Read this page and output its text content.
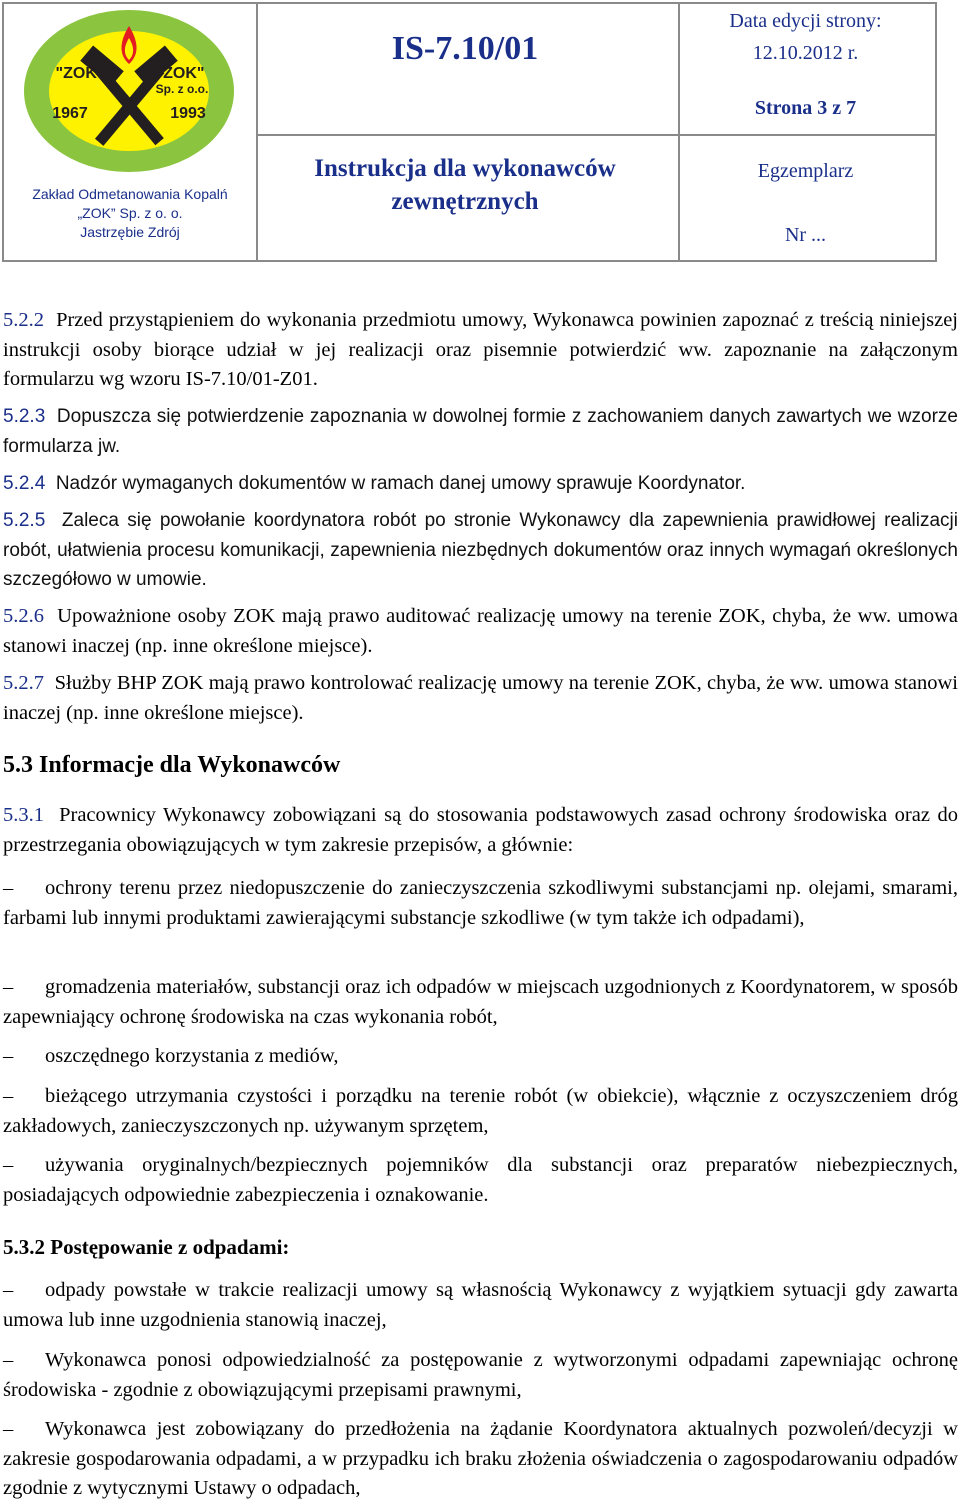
"ZOK"	"ZOK"
Sp. z o.o.
1967	1993
Zakład Odmetanowania Kopalń
„ZOK” Sp. z o. o.
Jastrzębie Zdrój
IS-7.10/01
Instrukcja dla wykonawców
zewnętrznych
Data edycji strony:
12.10.2012 r.
Strona 3 z 7
Egzemplarz
Nr ...
5.2.2 Przed przystąpieniem do wykonania przedmiotu umowy, Wykonawca powinien zapoznać z treścią niniejszej instrukcji osoby biorące udział w jej realizacji oraz pisemnie potwierdzić ww. zapoznanie na załączonym formularzu wg wzoru IS-7.10/01-Z01.
5.2.3 Dopuszcza się potwierdzenie zapoznania w dowolnej formie z zachowaniem danych zawartych we wzorze formularza jw.
5.2.4 Nadzór wymaganych dokumentów w ramach danej umowy sprawuje Koordynator.
5.2.5 Zaleca się powołanie koordynatora robót po stronie Wykonawcy dla zapewnienia prawidłowej realizacji robót, ułatwienia procesu komunikacji, zapewnienia niezbędnych dokumentów oraz innych wymagań określonych szczegółowo w umowie.
5.2.6 Upoważnione osoby ZOK mają prawo auditować realizację umowy na terenie ZOK, chyba, że ww. umowa stanowi inaczej (np. inne określone miejsce).
5.2.7 Służby BHP ZOK mają prawo kontrolować realizację umowy na terenie ZOK, chyba, że ww. umowa stanowi inaczej (np. inne określone miejsce).
5.3 Informacje dla Wykonawców
5.3.1 Pracownicy Wykonawcy zobowiązani są do stosowania podstawowych zasad ochrony środowiska oraz do przestrzegania obowiązujących w tym zakresie przepisów, a głównie:
– ochrony terenu przez niedopuszczenie do zanieczyszczenia szkodliwymi substancjami np. olejami, smarami, farbami lub innymi produktami zawierającymi substancje szkodliwe (w tym także ich odpadami),
– gromadzenia materiałów, substancji oraz ich odpadów w miejscach uzgodnionych z Koordynatorem, w sposób zapewniający ochronę środowiska na czas wykonania robót,
– oszczędnego korzystania z mediów,
– bieżącego utrzymania czystości i porządku na terenie robót (w obiekcie), włącznie z oczyszczeniem dróg zakładowych, zanieczyszczonych np. używanym sprzętem,
– używania oryginalnych/bezpiecznych pojemników dla substancji oraz preparatów niebezpiecznych, posiadających odpowiednie zabezpieczenia i oznakowanie.
5.3.2 Postępowanie z odpadami:
– odpady powstałe w trakcie realizacji umowy są własnością Wykonawcy z wyjątkiem sytuacji gdy zawarta umowa lub inne uzgodnienia stanowią inaczej,
– Wykonawca ponosi odpowiedzialność za postępowanie z wytworzonymi odpadami zapewniając ochronę środowiska - zgodnie z obowiązującymi przepisami prawnymi,
– Wykonawca jest zobowiązany do przedłożenia na żądanie Koordynatora aktualnych pozwoleń/decyzji w zakresie gospodarowania odpadami, a w przypadku ich braku złożenia oświadczenia o zagospodarowaniu odpadów zgodnie z wytycznymi Ustawy o odpadach,
